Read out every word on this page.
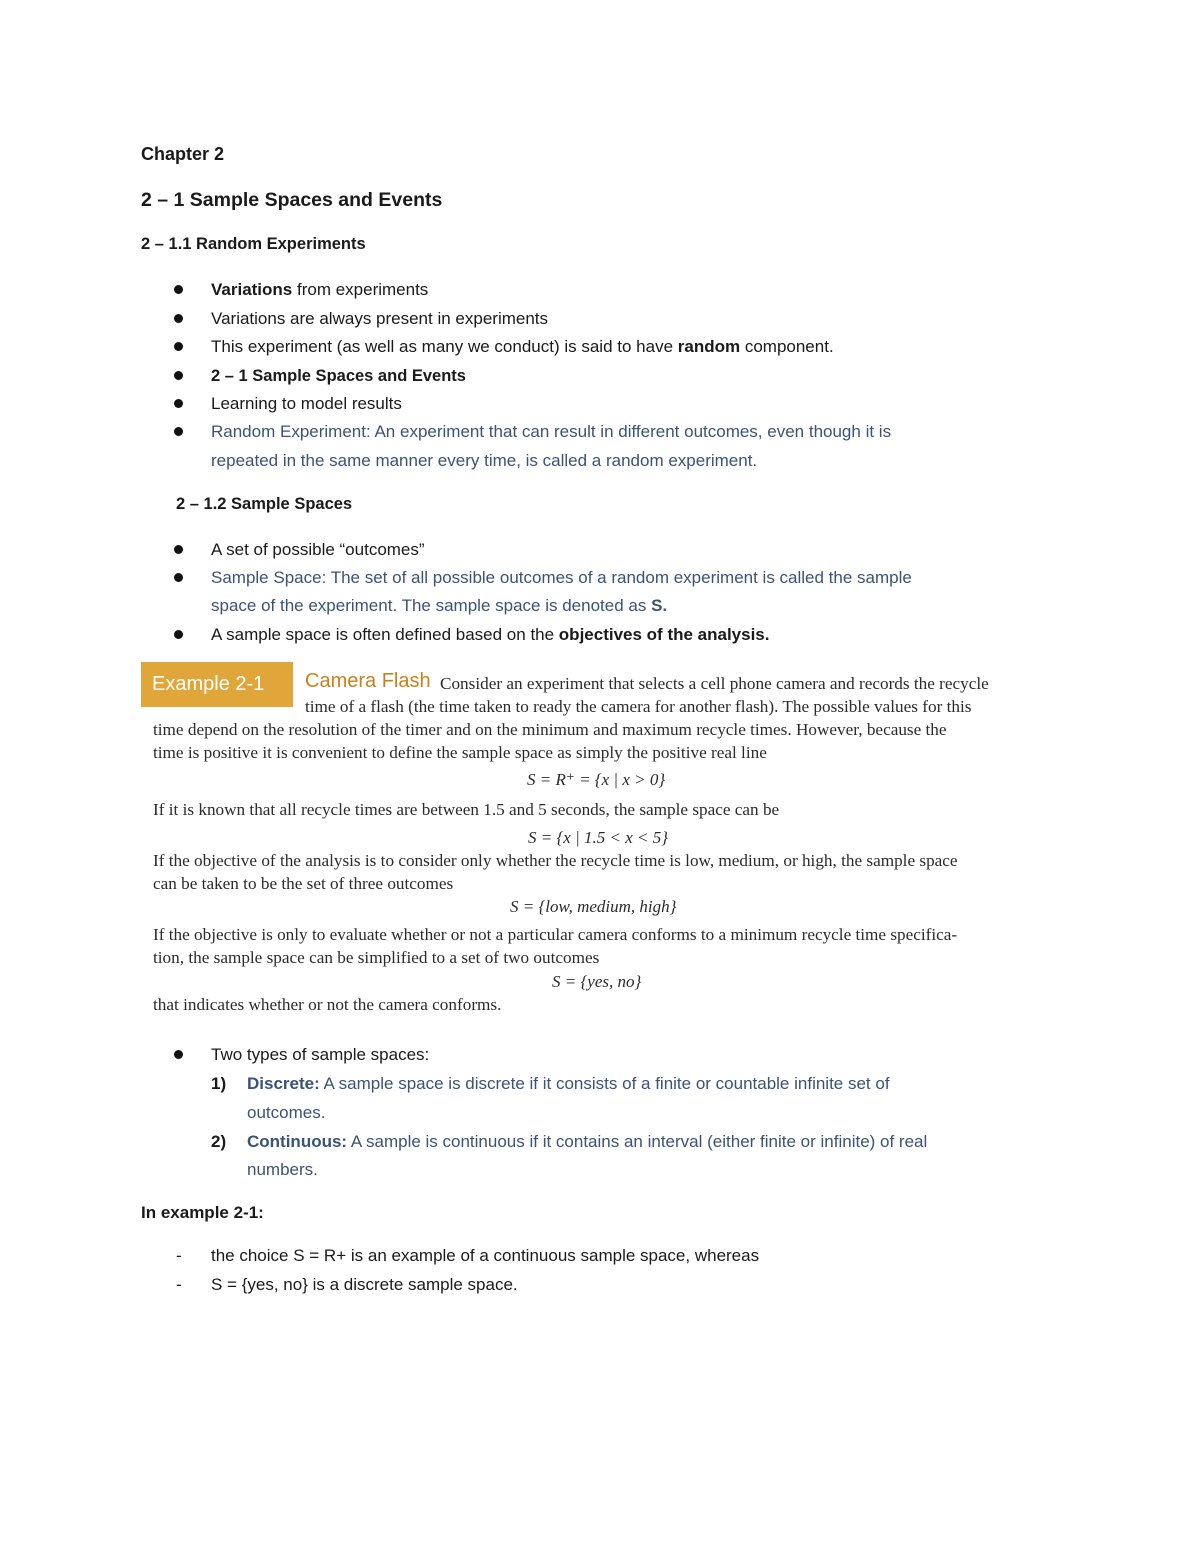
Chapter 2
2 – 1 Sample Spaces and Events
2 – 1.1 Random Experiments
Variations from experiments
Variations are always present in experiments
This experiment (as well as many we conduct) is said to have random component.
2 – 1 Sample Spaces and Events
Learning to model results
Random Experiment: An experiment that can result in different outcomes, even though it is
repeated in the same manner every time, is called a random experiment.
2 – 1.2 Sample Spaces
A set of possible “outcomes”
Sample Space: The set of all possible outcomes of a random experiment is called the sample
space of the experiment. The sample space is denoted as S.
A sample space is often defined based on the objectives of the analysis.
Example 2-1 Camera Flash Consider an experiment that selects a cell phone camera and records the recycle
time of a flash (the time taken to ready the camera for another flash). The possible values for this
time depend on the resolution of the timer and on the minimum and maximum recycle times. However, because the
time is positive it is convenient to define the sample space as simply the positive real line
S = R⁺ = {x | x > 0}
If it is known that all recycle times are between 1.5 and 5 seconds, the sample space can be
S = {x | 1.5 < x < 5}
If the objective of the analysis is to consider only whether the recycle time is low, medium, or high, the sample space
can be taken to be the set of three outcomes
S = {low, medium, high}
If the objective is only to evaluate whether or not a particular camera conforms to a minimum recycle time specifica-
tion, the sample space can be simplified to a set of two outcomes
S = {yes, no}
that indicates whether or not the camera conforms.
Two types of sample spaces:
1) Discrete: A sample space is discrete if it consists of a finite or countable infinite set of
outcomes.
2) Continuous: A sample is continuous if it contains an interval (either finite or infinite) of real
numbers.
In example 2-1:
- the choice S = R+ is an example of a continuous sample space, whereas
- S = {yes, no} is a discrete sample space.
